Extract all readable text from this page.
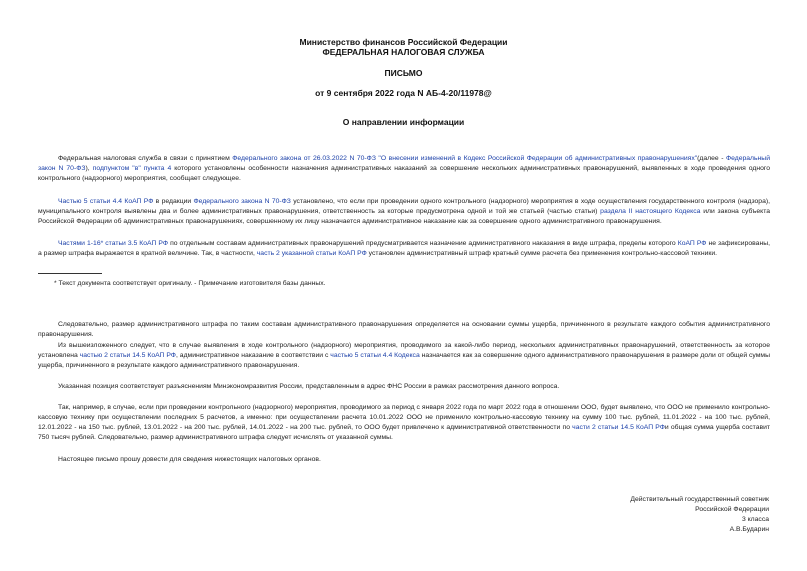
Министерство финансов Российской Федерации
ФЕДЕРАЛЬНАЯ НАЛОГОВАЯ СЛУЖБА
ПИСЬМО
от 9 сентября 2022 года N АБ-4-20/11978@
О направлении информации
Федеральная налоговая служба в связи с принятием Федерального закона от 26.03.2022 N 70-ФЗ "О внесении изменений в Кодекс Российской Федерации об административных правонарушениях"(далее - Федеральный закон N 70-ФЗ), подпунктом "в" пункта 4 которого установлены особенности назначения административных наказаний за совершение нескольких административных правонарушений, выявленных в ходе проведения одного контрольного (надзорного) мероприятия, сообщает следующее.
Частью 5 статьи 4.4 КоАП РФ в редакции Федерального закона N 70-ФЗ установлено, что если при проведении одного контрольного (надзорного) мероприятия в ходе осуществления государственного контроля (надзора), муниципального контроля выявлены два и более административных правонарушения, ответственность за которые предусмотрена одной и той же статьей (частью статьи) раздела II настоящего Кодекса или закона субъекта Российской Федерации об административных правонарушениях, совершенному их лицу назначается административное наказание как за совершение одного административного правонарушения.
Частями 1-16* статьи 3.5 КоАП РФ по отдельным составам административных правонарушений предусматривается назначение административного наказания в виде штрафа, пределы которого КоАП РФ не зафиксированы, а размер штрафа выражается в кратной величине. Так, в частности, часть 2 указанной статьи КоАП РФ установлен административный штраф кратный сумме расчета без применения контрольно-кассовой техники.
* Текст документа соответствует оригиналу. - Примечание изготовителя базы данных.
Следовательно, размер административного штрафа по таким составам административного правонарушения определяется на основании суммы ущерба, причиненного в результате каждого события административного правонарушения.
Из вышеизложенного следует, что в случае выявления в ходе контрольного (надзорного) мероприятия, проводимого за какой-либо период, нескольких административных правонарушений, ответственность за которое установлена частью 2 статьи 14.5 КоАП РФ, административное наказание в соответствии с частью 5 статьи 4.4 Кодекса назначается как за совершение одного административного правонарушения в размере доли от общей суммы ущерба, причиненного в результате каждого административного правонарушения.
Указанная позиция соответствует разъяснениям Минэкономразвития России, представленным в адрес ФНС России в рамках рассмотрения данного вопроса.
Так, например, в случае, если при проведении контрольного (надзорного) мероприятия, проводимого за период с января 2022 года по март 2022 года в отношении ООО, будет выявлено, что ООО не применило контрольно-кассовую технику при осуществлении последних 5 расчетов, а именно: при осуществлении расчета 10.01.2022 ООО не применило контрольно-кассовую технику на сумму 100 тыс. рублей, 11.01.2022 - на 100 тыс. рублей, 12.01.2022 - на 150 тыс. рублей, 13.01.2022 - на 200 тыс. рублей, 14.01.2022 - на 200 тыс. рублей, то ООО будет привлечено к административной ответственности по части 2 статьи 14.5 КоАП РФи общая сумма ущерба составит 750 тысяч рублей. Следовательно, размер административного штрафа следует исчислять от указанной суммы.
Настоящее письмо прошу довести для сведения нижестоящих налоговых органов.
Действительный государственный советник
Российской Федерации
3 класса
А.В.Бударин
